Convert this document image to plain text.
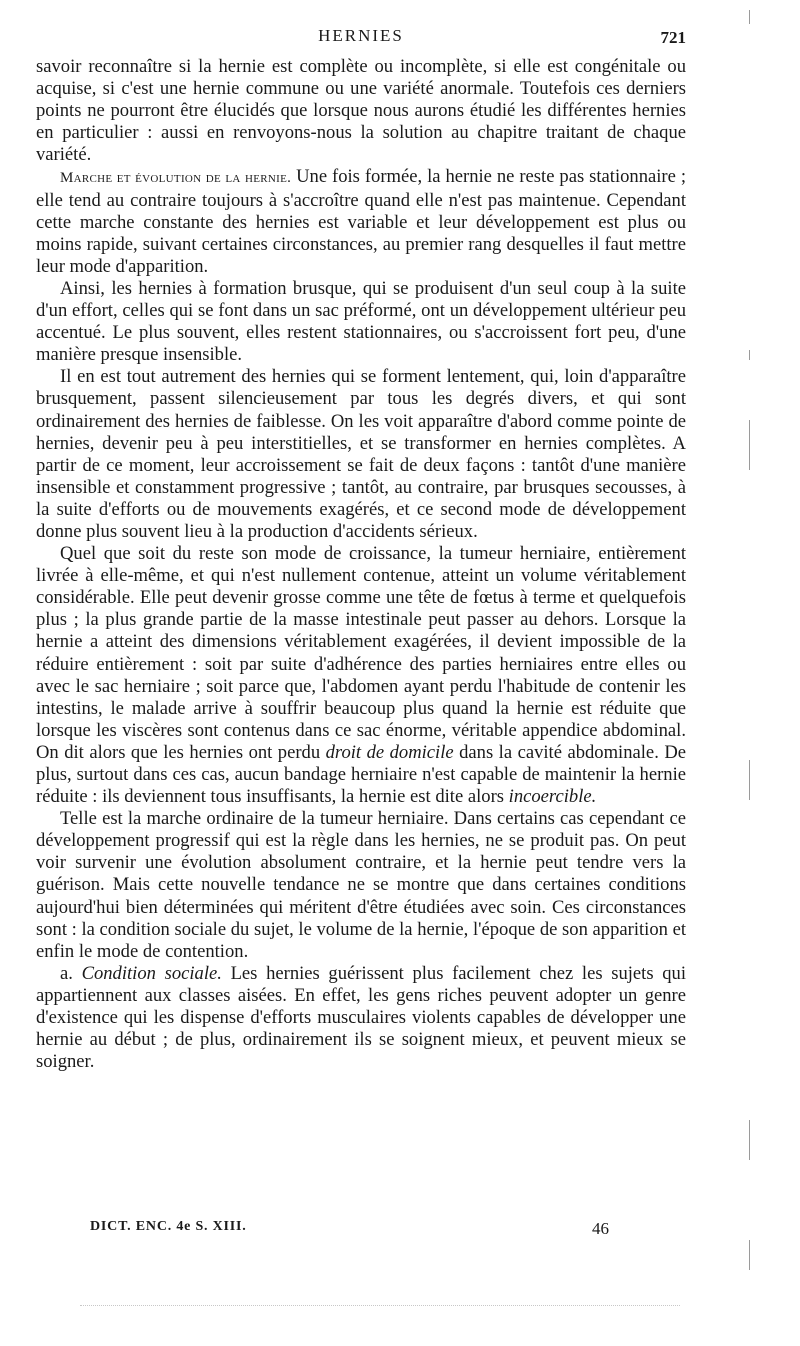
HERNIES	721

savoir reconnaître si la hernie est complète ou incomplète, si elle est congénitale ou acquise, si c'est une hernie commune ou une variété anormale. Toutefois ces derniers points ne pourront être élucidés que lorsque nous aurons étudié les différentes hernies en particulier : aussi en renvoyons-nous la solution au chapitre traitant de chaque variété.

Marche et évolution de la hernie. Une fois formée, la hernie ne reste pas stationnaire ; elle tend au contraire toujours à s'accroître quand elle n'est pas maintenue. Cependant cette marche constante des hernies est variable et leur développement est plus ou moins rapide, suivant certaines circonstances, au premier rang desquelles il faut mettre leur mode d'apparition.

Ainsi, les hernies à formation brusque, qui se produisent d'un seul coup à la suite d'un effort, celles qui se font dans un sac préformé, ont un développement ultérieur peu accentué. Le plus souvent, elles restent stationnaires, ou s'accroissent fort peu, d'une manière presque insensible.

Il en est tout autrement des hernies qui se forment lentement, qui, loin d'apparaître brusquement, passent silencieusement par tous les degrés divers, et qui sont ordinairement des hernies de faiblesse. On les voit apparaître d'abord comme pointe de hernies, devenir peu à peu interstitielles, et se transformer en hernies complètes. A partir de ce moment, leur accroissement se fait de deux façons : tantôt d'une manière insensible et constamment progressive ; tantôt, au contraire, par brusques secousses, à la suite d'efforts ou de mouvements exagérés, et ce second mode de développement donne plus souvent lieu à la production d'accidents sérieux.

Quel que soit du reste son mode de croissance, la tumeur herniaire, entièrement livrée à elle-même, et qui n'est nullement contenue, atteint un volume véritablement considérable. Elle peut devenir grosse comme une tête de fœtus à terme et quelquefois plus ; la plus grande partie de la masse intestinale peut passer au dehors. Lorsque la hernie a atteint des dimensions véritablement exagérées, il devient impossible de la réduire entièrement : soit par suite d'adhérence des parties herniaires entre elles ou avec le sac herniaire ; soit parce que, l'abdomen ayant perdu l'habitude de contenir les intestins, le malade arrive à souffrir beaucoup plus quand la hernie est réduite que lorsque les viscères sont contenus dans ce sac énorme, véritable appendice abdominal. On dit alors que les hernies ont perdu droit de domicile dans la cavité abdominale. De plus, surtout dans ces cas, aucun bandage herniaire n'est capable de maintenir la hernie réduite : ils deviennent tous insuffisants, la hernie est dite alors incoercible.

Telle est la marche ordinaire de la tumeur herniaire. Dans certains cas cependant ce développement progressif qui est la règle dans les hernies, ne se produit pas. On peut voir survenir une évolution absolument contraire, et la hernie peut tendre vers la guérison. Mais cette nouvelle tendance ne se montre que dans certaines conditions aujourd'hui bien déterminées qui méritent d'être étudiées avec soin. Ces circonstances sont : la condition sociale du sujet, le volume de la hernie, l'époque de son apparition et enfin le mode de contention.

a. Condition sociale. Les hernies guérissent plus facilement chez les sujets qui appartiennent aux classes aisées. En effet, les gens riches peuvent adopter un genre d'existence qui les dispense d'efforts musculaires violents capables de développer une hernie au début ; de plus, ordinairement ils se soignent mieux, et peuvent mieux se soigner.

DICT. ENC. 4e S. XIII.	46
